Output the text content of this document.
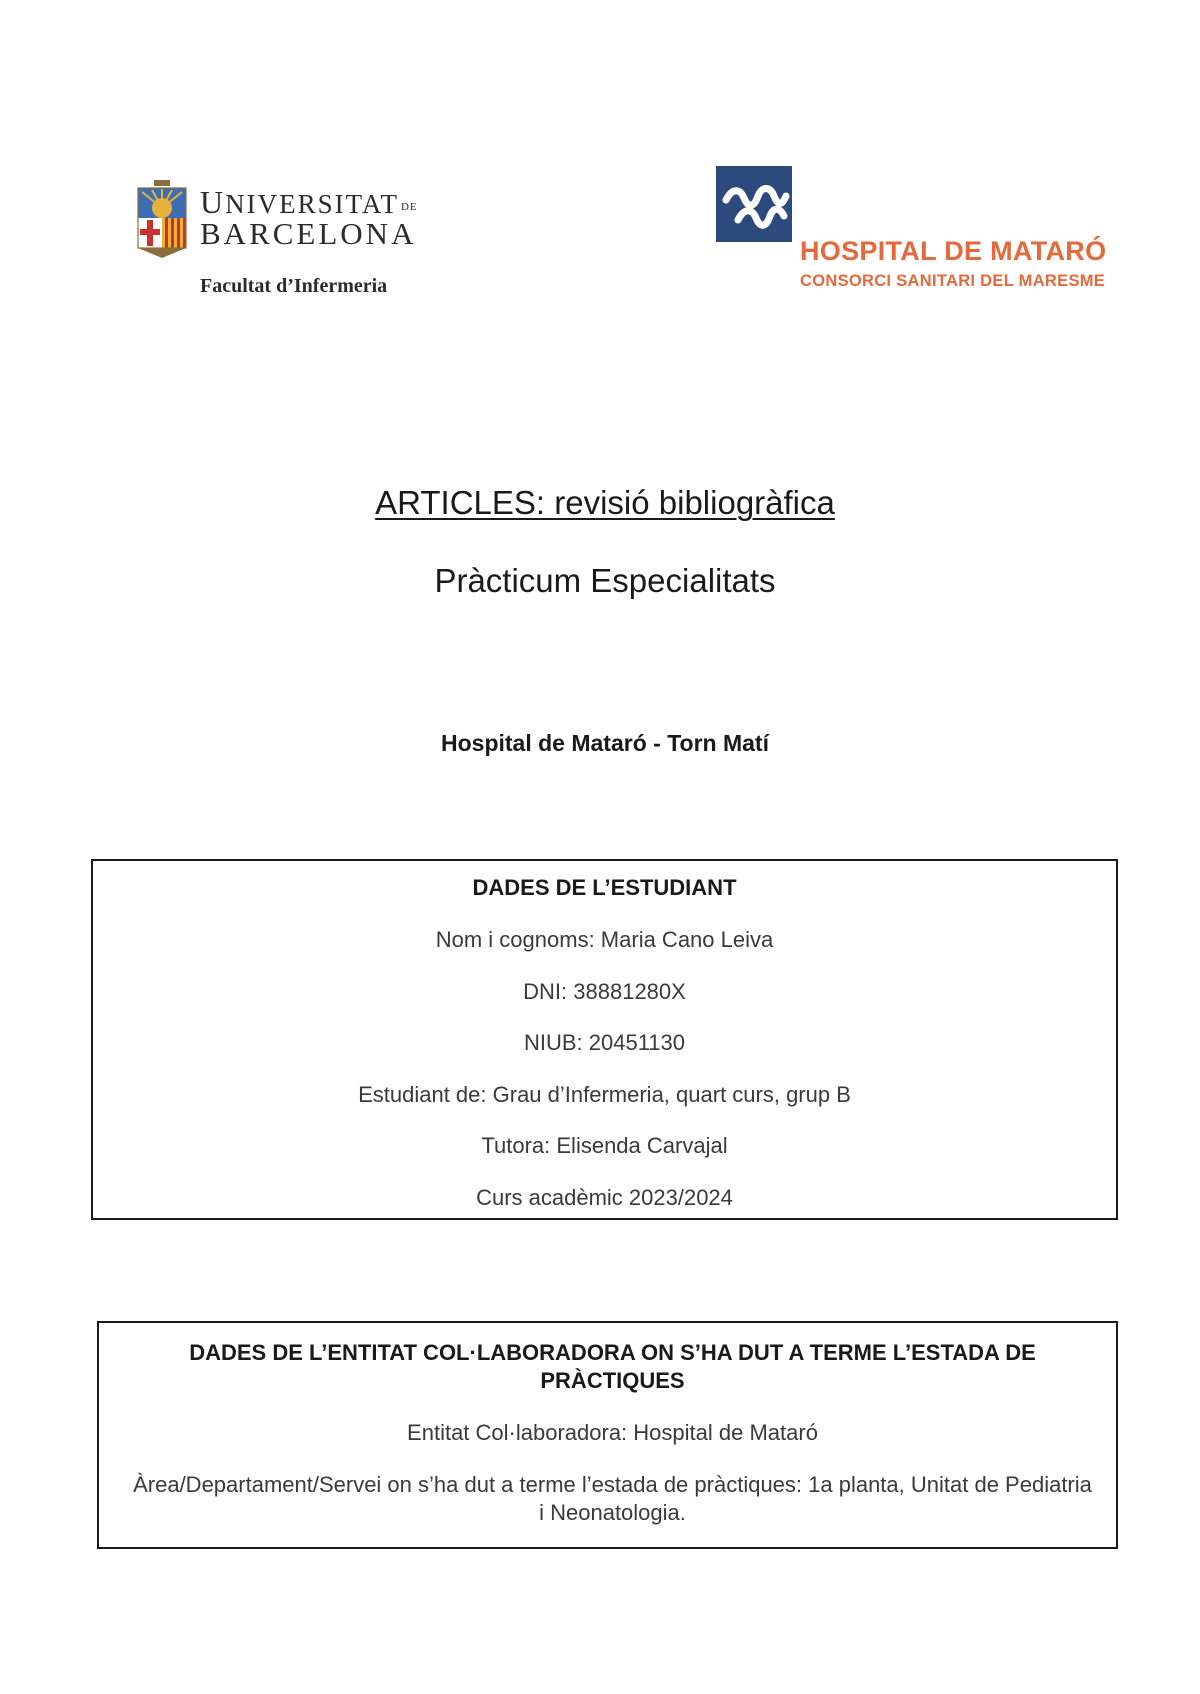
UNIVERSITAT DE
BARCELONA
Facultat d’Infermeria
HOSPITAL DE MATARÓ
CONSORCI SANITARI DEL MARESME
ARTICLES: revisió bibliogràfica
Pràcticum Especialitats
Hospital de Mataró - Torn Matí
DADES DE L’ESTUDIANT
Nom i cognoms: Maria Cano Leiva
DNI: 38881280X
NIUB: 20451130
Estudiant de: Grau d’Infermeria, quart curs, grup B
Tutora: Elisenda Carvajal
Curs acadèmic 2023/2024
DADES DE L’ENTITAT COL·LABORADORA ON S’HA DUT A TERME L’ESTADA DE PRÀCTIQUES
Entitat Col·laboradora: Hospital de Mataró
Àrea/Departament/Servei on s’ha dut a terme l’estada de pràctiques: 1a planta, Unitat de Pediatria i Neonatologia.
